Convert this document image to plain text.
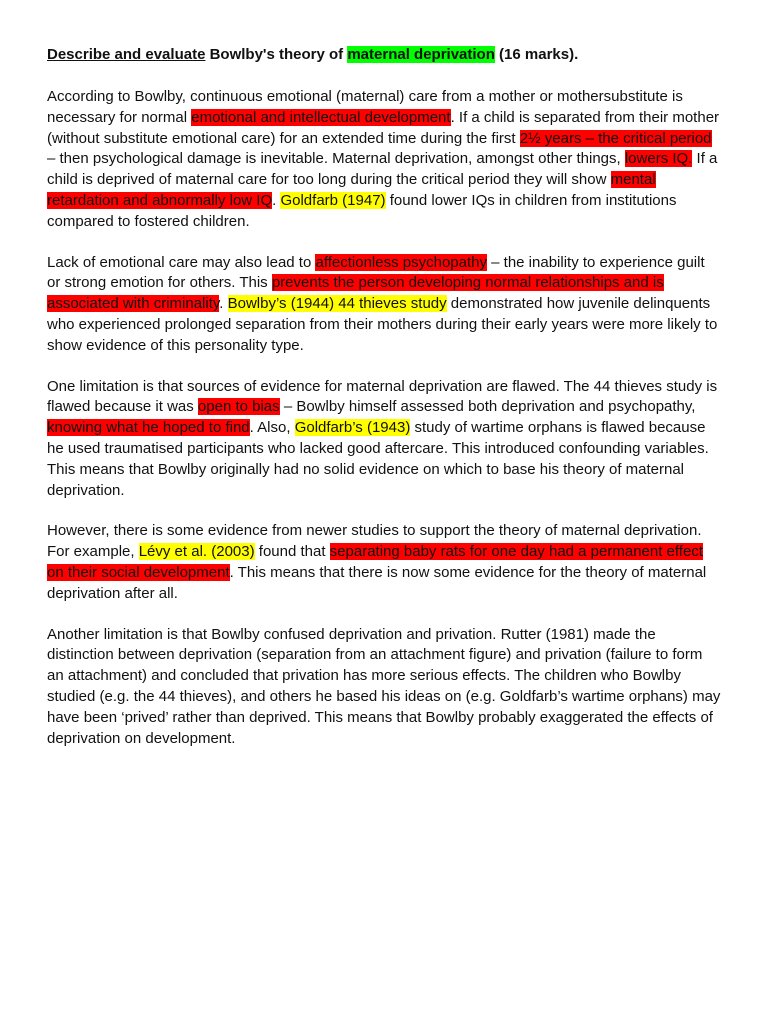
Describe and evaluate Bowlby's theory of maternal deprivation (16 marks).

According to Bowlby, continuous emotional (maternal) care from a mother or mothersubstitute is necessary for normal emotional and intellectual development. If a child is separated from their mother (without substitute emotional care) for an extended time during the first 2½ years – the critical period – then psychological damage is inevitable. Maternal deprivation, amongst other things, lowers IQ. If a child is deprived of maternal care for too long during the critical period they will show mental retardation and abnormally low IQ. Goldfarb (1947) found lower IQs in children from institutions compared to fostered children.

Lack of emotional care may also lead to affectionless psychopathy – the inability to experience guilt or strong emotion for others. This prevents the person developing normal relationships and is associated with criminality. Bowlby’s (1944) 44 thieves study demonstrated how juvenile delinquents who experienced prolonged separation from their mothers during their early years were more likely to show evidence of this personality type.

One limitation is that sources of evidence for maternal deprivation are flawed. The 44 thieves study is flawed because it was open to bias – Bowlby himself assessed both deprivation and psychopathy, knowing what he hoped to find. Also, Goldfarb’s (1943) study of wartime orphans is flawed because he used traumatised participants who lacked good aftercare. This introduced confounding variables. This means that Bowlby originally had no solid evidence on which to base his theory of maternal deprivation.

However, there is some evidence from newer studies to support the theory of maternal deprivation. For example, Lévy et al. (2003) found that separating baby rats for one day had a permanent effect on their social development. This means that there is now some evidence for the theory of maternal deprivation after all.

Another limitation is that Bowlby confused deprivation and privation. Rutter (1981) made the distinction between deprivation (separation from an attachment figure) and privation (failure to form an attachment) and concluded that privation has more serious effects. The children who Bowlby studied (e.g. the 44 thieves), and others he based his ideas on (e.g. Goldfarb’s wartime orphans) may have been ‘prived’ rather than deprived. This means that Bowlby probably exaggerated the effects of deprivation on development.
